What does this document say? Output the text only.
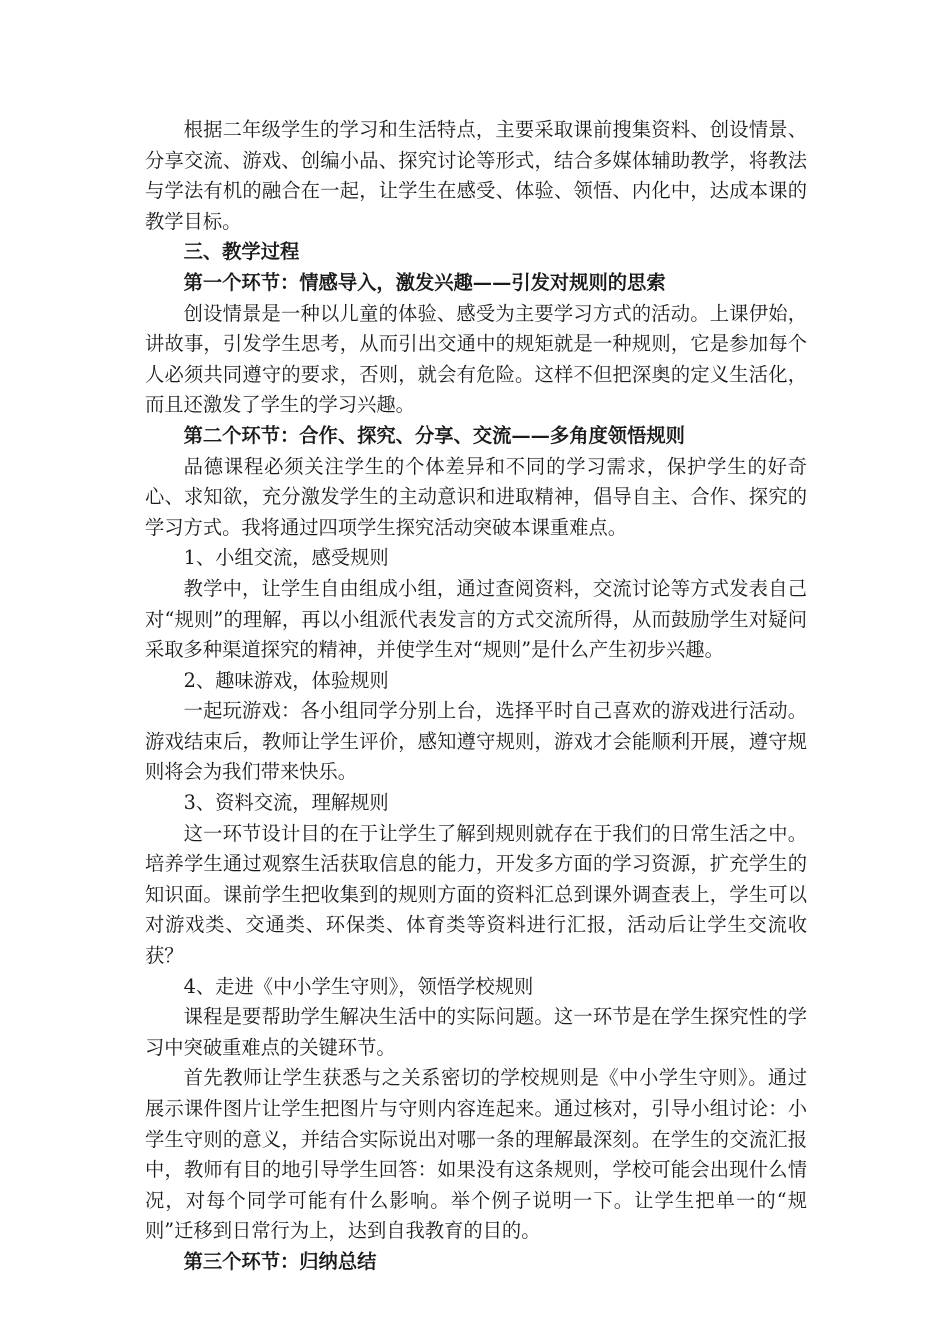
根据二年级学生的学习和生活特点，主要采取课前搜集资料、创设情景、分享交流、游戏、创编小品、探究讨论等形式，结合多媒体辅助教学，将教法与学法有机的融合在一起，让学生在感受、体验、领悟、内化中，达成本课的教学目标。

三、教学过程

第一个环节：情感导入，激发兴趣——引发对规则的思索

创设情景是一种以儿童的体验、感受为主要学习方式的活动。上课伊始，讲故事，引发学生思考，从而引出交通中的规矩就是一种规则，它是参加每个人必须共同遵守的要求，否则，就会有危险。这样不但把深奥的定义生活化，而且还激发了学生的学习兴趣。

第二个环节：合作、探究、分享、交流——多角度领悟规则

品德课程必须关注学生的个体差异和不同的学习需求，保护学生的好奇心、求知欲，充分激发学生的主动意识和进取精神，倡导自主、合作、探究的学习方式。我将通过四项学生探究活动突破本课重难点。

1、小组交流，感受规则

教学中，让学生自由组成小组，通过查阅资料，交流讨论等方式发表自己对“规则”的理解，再以小组派代表发言的方式交流所得，从而鼓励学生对疑问采取多种渠道探究的精神，并使学生对“规则”是什么产生初步兴趣。

2、趣味游戏，体验规则

一起玩游戏：各小组同学分别上台，选择平时自己喜欢的游戏进行活动。游戏结束后，教师让学生评价，感知遵守规则，游戏才会能顺利开展，遵守规则将会为我们带来快乐。

3、资料交流，理解规则

这一环节设计目的在于让学生了解到规则就存在于我们的日常生活之中。培养学生通过观察生活获取信息的能力，开发多方面的学习资源，扩充学生的知识面。课前学生把收集到的规则方面的资料汇总到课外调查表上，学生可以对游戏类、交通类、环保类、体育类等资料进行汇报，活动后让学生交流收获？

4、走进《中小学生守则》，领悟学校规则

课程是要帮助学生解决生活中的实际问题。这一环节是在学生探究性的学习中突破重难点的关键环节。

首先教师让学生获悉与之关系密切的学校规则是《中小学生守则》。通过展示课件图片让学生把图片与守则内容连起来。通过核对，引导小组讨论：小学生守则的意义，并结合实际说出对哪一条的理解最深刻。在学生的交流汇报中，教师有目的地引导学生回答：如果没有这条规则，学校可能会出现什么情况，对每个同学可能有什么影响。举个例子说明一下。让学生把单一的“规则”迁移到日常行为上，达到自我教育的目的。

第三个环节：归纳总结
